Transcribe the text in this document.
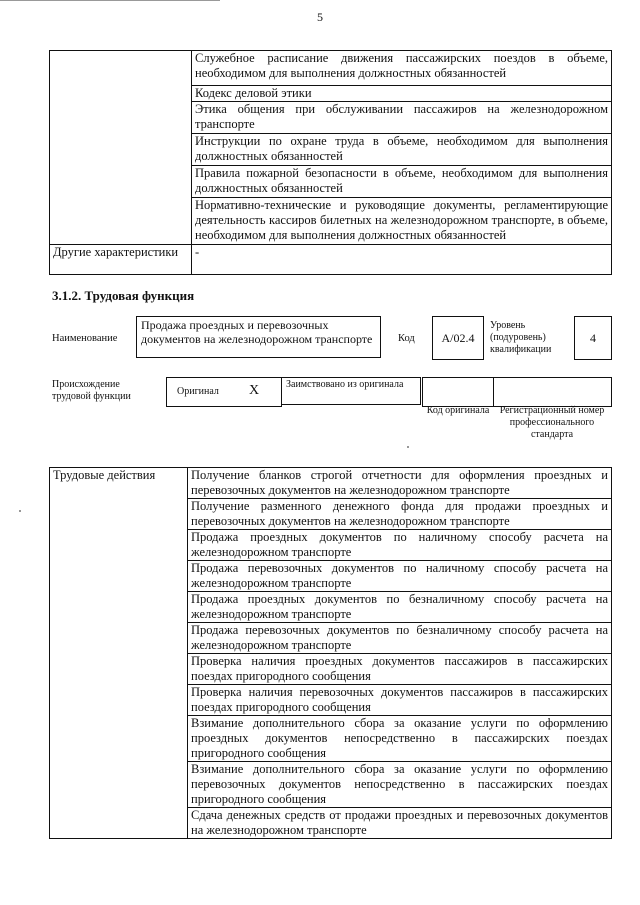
5
	Служебное расписание движения пассажирских поездов в объеме, необходимом для выполнения должностных обязанностей
	Кодекс деловой этики
	Этика общения при обслуживании пассажиров на железнодорожном транспорте
	Инструкции по охране труда в объеме, необходимом для выполнения должностных обязанностей
	Правила пожарной безопасности в объеме, необходимом для выполнения должностных обязанностей
	Нормативно-технические и руководящие документы, регламентирующие деятельность кассиров билетных на железнодорожном транспорте, в объеме, необходимом для выполнения должностных обязанностей
Другие характеристики	-
3.1.2. Трудовая функция
Наименование
Продажа проездных и перевозочных документов на железнодорожном транспорте	Код	А/02.4
Уровень (подуровень) квалификации
4
Происхождение трудовой функции	Оригинал X	Заимствовано из оригинала
Код оригинала	Регистрационный номер профессионального стандарта
Трудовые действия	Получение бланков строгой отчетности для оформления проездных и перевозочных документов на железнодорожном транспорте
Получение разменного денежного фонда для продажи проездных и перевозочных документов на железнодорожном транспорте
Продажа проездных документов по наличному способу расчета на железнодорожном транспорте
Продажа перевозочных документов по наличному способу расчета на железнодорожном транспорте
Продажа проездных документов по безналичному способу расчета на железнодорожном транспорте
Продажа перевозочных документов по безналичному способу расчета на железнодорожном транспорте
Проверка наличия проездных документов пассажиров в пассажирских поездах пригородного сообщения
Проверка наличия перевозочных документов пассажиров в пассажирских поездах пригородного сообщения
Взимание дополнительного сбора за оказание услуги по оформлению проездных документов непосредственно в пассажирских поездах пригородного сообщения
Взимание дополнительного сбора за оказание услуги по оформлению перевозочных документов непосредственно в пассажирских поездах пригородного сообщения
Сдача денежных средств от продажи проездных и перевозочных документов на железнодорожном транспорте
